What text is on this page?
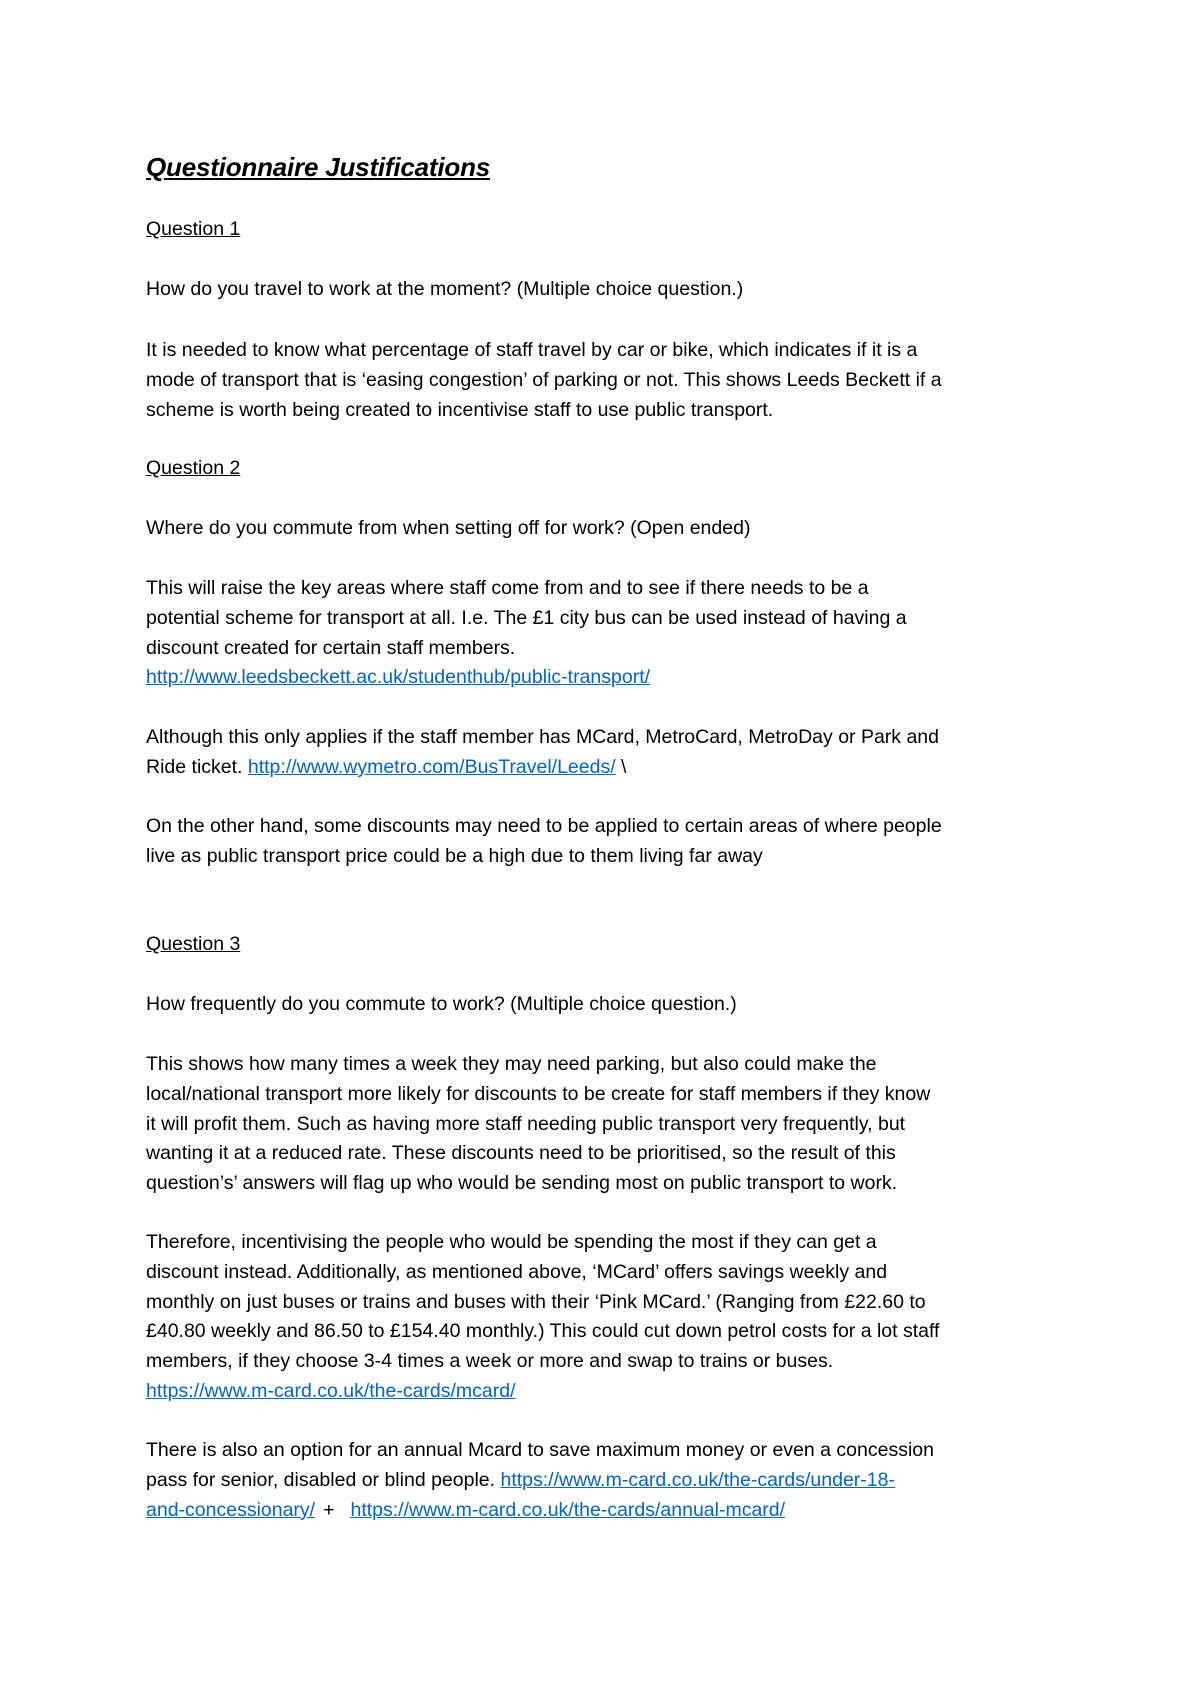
Questionnaire Justifications
Question 1
How do you travel to work at the moment? (Multiple choice question.)
It is needed to know what percentage of staff travel by car or bike, which indicates if it is a
mode of transport that is ‘easing congestion’ of parking or not. This shows Leeds Beckett if a
scheme is worth being created to incentivise staff to use public transport.
Question 2
Where do you commute from when setting off for work? (Open ended)
This will raise the key areas where staff come from and to see if there needs to be a
potential scheme for transport at all. I.e. The £1 city bus can be used instead of having a
discount created for certain staff members.
http://www.leedsbeckett.ac.uk/studenthub/public-transport/
Although this only applies if the staff member has MCard, MetroCard, MetroDay or Park and
Ride ticket. http://www.wymetro.com/BusTravel/Leeds/ \
On the other hand, some discounts may need to be applied to certain areas of where people
live as public transport price could be a high due to them living far away
Question 3
How frequently do you commute to work? (Multiple choice question.)
This shows how many times a week they may need parking, but also could make the
local/national transport more likely for discounts to be create for staff members if they know
it will profit them. Such as having more staff needing public transport very frequently, but
wanting it at a reduced rate. These discounts need to be prioritised, so the result of this
question’s’ answers will flag up who would be sending most on public transport to work.
Therefore, incentivising the people who would be spending the most if they can get a
discount instead. Additionally, as mentioned above, ‘MCard’ offers savings weekly and
monthly on just buses or trains and buses with their ‘Pink MCard.’ (Ranging from £22.60 to
£40.80 weekly and 86.50 to £154.40 monthly.) This could cut down petrol costs for a lot staff
members, if they choose 3-4 times a week or more and swap to trains or buses.
https://www.m-card.co.uk/the-cards/mcard/
There is also an option for an annual Mcard to save maximum money or even a concession
pass for senior, disabled or blind people. https://www.m-card.co.uk/the-cards/under-18-
and-concessionary/ + https://www.m-card.co.uk/the-cards/annual-mcard/
